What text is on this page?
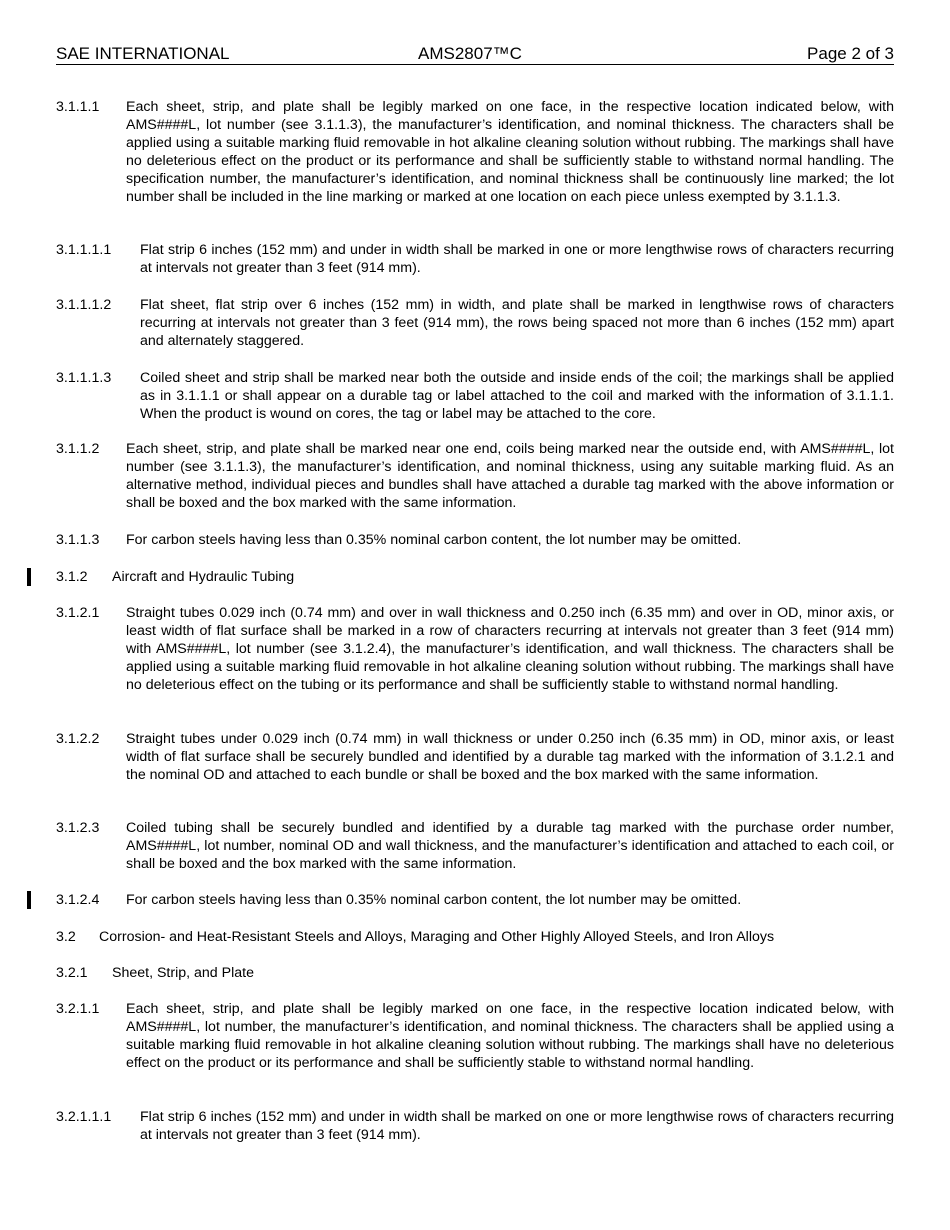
SAE INTERNATIONAL	AMS2807™C	Page 2 of 3
3.1.1.1 Each sheet, strip, and plate shall be legibly marked on one face, in the respective location indicated below, with AMS####L, lot number (see 3.1.1.3), the manufacturer’s identification, and nominal thickness. The characters shall be applied using a suitable marking fluid removable in hot alkaline cleaning solution without rubbing. The markings shall have no deleterious effect on the product or its performance and shall be sufficiently stable to withstand normal handling. The specification number, the manufacturer’s identification, and nominal thickness shall be continuously line marked; the lot number shall be included in the line marking or marked at one location on each piece unless exempted by 3.1.1.3.
3.1.1.1.1 Flat strip 6 inches (152 mm) and under in width shall be marked in one or more lengthwise rows of characters recurring at intervals not greater than 3 feet (914 mm).
3.1.1.1.2 Flat sheet, flat strip over 6 inches (152 mm) in width, and plate shall be marked in lengthwise rows of characters recurring at intervals not greater than 3 feet (914 mm), the rows being spaced not more than 6 inches (152 mm) apart and alternately staggered.
3.1.1.1.3 Coiled sheet and strip shall be marked near both the outside and inside ends of the coil; the markings shall be applied as in 3.1.1.1 or shall appear on a durable tag or label attached to the coil and marked with the information of 3.1.1.1. When the product is wound on cores, the tag or label may be attached to the core.
3.1.1.2 Each sheet, strip, and plate shall be marked near one end, coils being marked near the outside end, with AMS####L, lot number (see 3.1.1.3), the manufacturer’s identification, and nominal thickness, using any suitable marking fluid. As an alternative method, individual pieces and bundles shall have attached a durable tag marked with the above information or shall be boxed and the box marked with the same information.
3.1.1.3 For carbon steels having less than 0.35% nominal carbon content, the lot number may be omitted.
3.1.2 Aircraft and Hydraulic Tubing
3.1.2.1 Straight tubes 0.029 inch (0.74 mm) and over in wall thickness and 0.250 inch (6.35 mm) and over in OD, minor axis, or least width of flat surface shall be marked in a row of characters recurring at intervals not greater than 3 feet (914 mm) with AMS####L, lot number (see 3.1.2.4), the manufacturer’s identification, and wall thickness. The characters shall be applied using a suitable marking fluid removable in hot alkaline cleaning solution without rubbing. The markings shall have no deleterious effect on the tubing or its performance and shall be sufficiently stable to withstand normal handling.
3.1.2.2 Straight tubes under 0.029 inch (0.74 mm) in wall thickness or under 0.250 inch (6.35 mm) in OD, minor axis, or least width of flat surface shall be securely bundled and identified by a durable tag marked with the information of 3.1.2.1 and the nominal OD and attached to each bundle or shall be boxed and the box marked with the same information.
3.1.2.3 Coiled tubing shall be securely bundled and identified by a durable tag marked with the purchase order number, AMS####L, lot number, nominal OD and wall thickness, and the manufacturer’s identification and attached to each coil, or shall be boxed and the box marked with the same information.
3.1.2.4 For carbon steels having less than 0.35% nominal carbon content, the lot number may be omitted.
3.2 Corrosion- and Heat-Resistant Steels and Alloys, Maraging and Other Highly Alloyed Steels, and Iron Alloys
3.2.1 Sheet, Strip, and Plate
3.2.1.1 Each sheet, strip, and plate shall be legibly marked on one face, in the respective location indicated below, with AMS####L, lot number, the manufacturer’s identification, and nominal thickness. The characters shall be applied using a suitable marking fluid removable in hot alkaline cleaning solution without rubbing. The markings shall have no deleterious effect on the product or its performance and shall be sufficiently stable to withstand normal handling.
3.2.1.1.1 Flat strip 6 inches (152 mm) and under in width shall be marked on one or more lengthwise rows of characters recurring at intervals not greater than 3 feet (914 mm).
